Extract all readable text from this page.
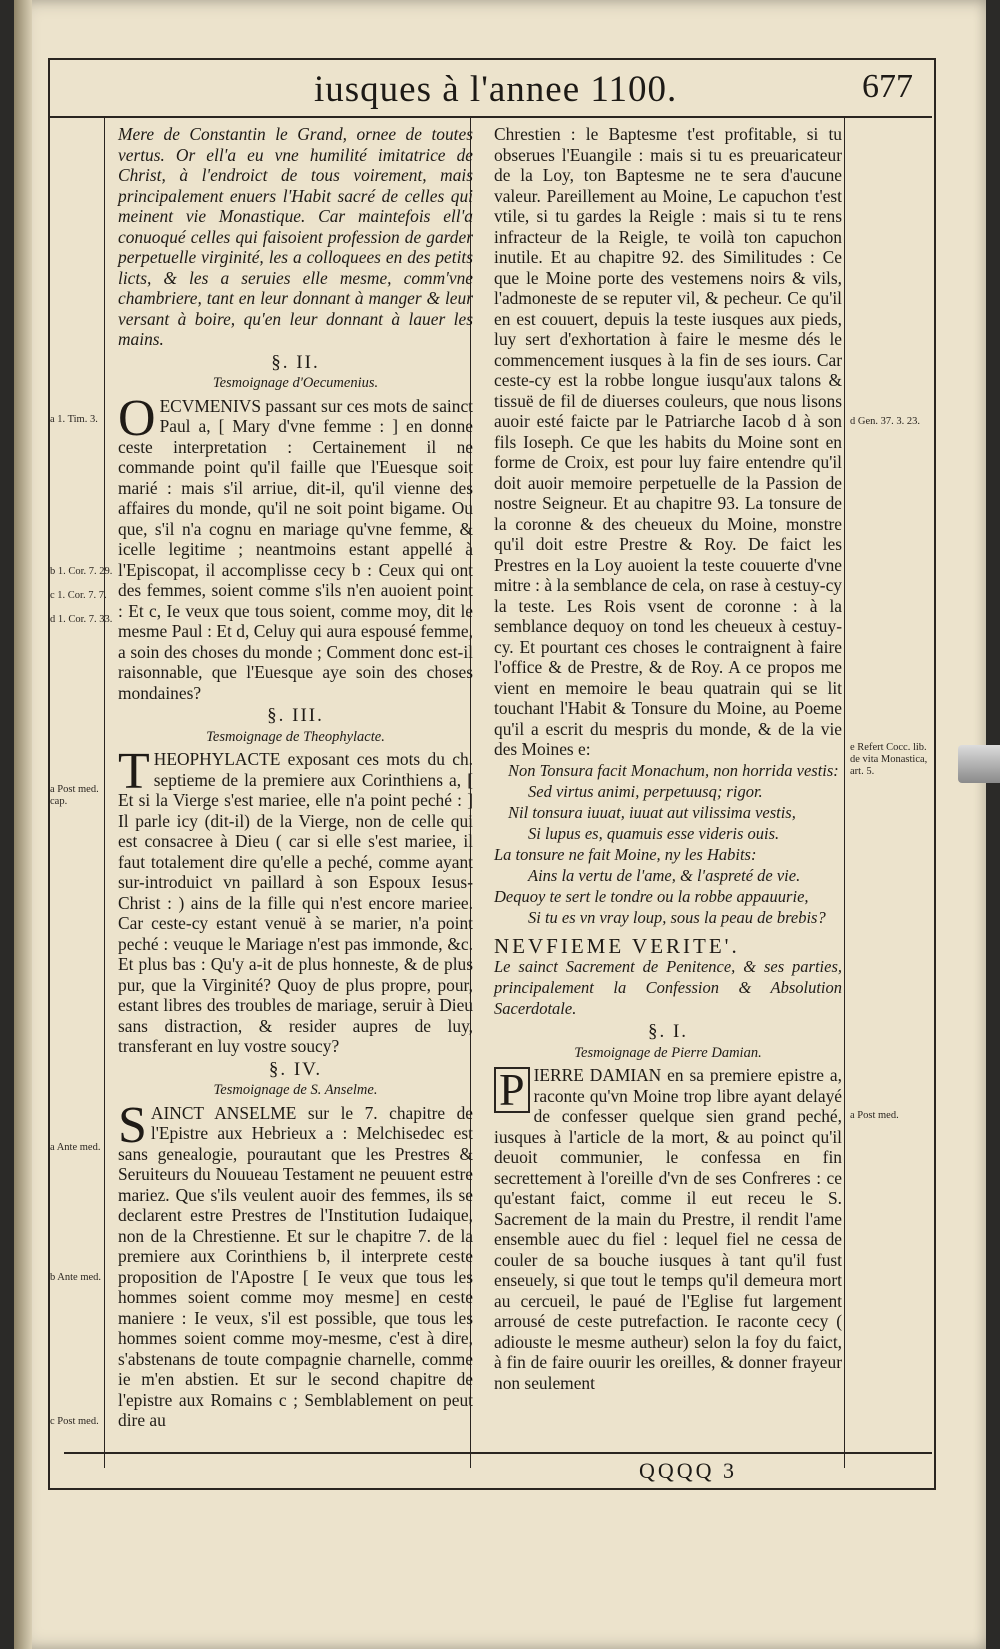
iusques à l'annee 1100.	677
a 1. Tim. 3.
b 1. Cor. 7. 29.
c 1. Cor. 7. 7.
d 1. Cor. 7. 33.
a Post med. cap.
a Ante med.
b Ante med.
c Post med.
d Gen. 37. 3. 23.
e Refert Cocc. lib. de vita Monastica, art. 5.
a Post med.

Mere de Constantin le Grand, ornee de toutes vertus. Or ell'a eu vne humilité imitatrice de Christ, à l'endroict de tous voirement, mais principalement enuers l'Habit sacré de celles qui meinent vie Monastique. Car maintefois ell'a conuoqué celles qui faisoient profession de garder perpetuelle virginité, les a colloquees en des petits licts, & les a seruies elle mesme, comm'vne chambriere, tant en leur donnant à manger & leur versant à boire, qu'en leur donnant à lauer les mains.

§. II.
Tesmoignage d'Oecumenius.

OECVMENIVS passant sur ces mots de sainct Paul a, [ Mary d'vne femme : ] en donne ceste interpretation : Certainement il ne commande point qu'il faille que l'Euesque soit marié : mais s'il arriue, dit-il, qu'il vienne des affaires du monde, qu'il ne soit point bigame. Ou que, s'il n'a cognu en mariage qu'vne femme, & icelle legitime ; neantmoins estant appellé à l'Episcopat, il accomplisse cecy b : Ceux qui ont des femmes, soient comme s'ils n'en auoient point : Et c, Ie veux que tous soient, comme moy, dit le mesme Paul : Et d, Celuy qui aura espousé femme, a soin des choses du monde ; Comment donc est-il raisonnable, que l'Euesque aye soin des choses mondaines?

§. III.
Tesmoignage de Theophylacte.

THEOPHYLACTE exposant ces mots du ch. septieme de la premiere aux Corinthiens a, [ Et si la Vierge s'est mariee, elle n'a point peché : ] Il parle icy (dit-il) de la Vierge, non de celle qui est consacree à Dieu ( car si elle s'est mariee, il faut totalement dire qu'elle a peché, comme ayant sur-introduict vn paillard à son Espoux Iesus-Christ : ) ains de la fille qui n'est encore mariee. Car ceste-cy estant venuë à se marier, n'a point peché : veuque le Mariage n'est pas immonde, &c. Et plus bas : Qu'y a-it de plus honneste, & de plus pur, que la Virginité? Quoy de plus propre, pour, estant libres des troubles de mariage, seruir à Dieu sans distraction, & resider aupres de luy, transferant en luy vostre soucy?

§. IV.
Tesmoignage de S. Anselme.

SAINCT ANSELME sur le 7. chapitre de l'Epistre aux Hebrieux a : Melchisedec est sans genealogie, pourautant que les Prestres & Seruiteurs du Nouueau Testament ne peuuent estre mariez. Que s'ils veulent auoir des femmes, ils se declarent estre Prestres de l'Institution Iudaique, non de la Chrestienne. Et sur le chapitre 7. de la premiere aux Corinthiens b, il interprete ceste proposition de l'Apostre [ Ie veux que tous les hommes soient comme moy mesme] en ceste maniere : Ie veux, s'il est possible, que tous les hommes soient comme moy-mesme, c'est à dire, s'abstenans de toute compagnie charnelle, comme ie m'en abstien. Et sur le second chapitre de l'epistre aux Romains c ; Semblablement on peut dire au

Chrestien : le Baptesme t'est profitable, si tu obserues l'Euangile : mais si tu es preuaricateur de la Loy, ton Baptesme ne te sera d'aucune valeur. Pareillement au Moine, Le capuchon t'est vtile, si tu gardes la Reigle : mais si tu te rens infracteur de la Reigle, te voilà ton capuchon inutile. Et au chapitre 92. des Similitudes : Ce que le Moine porte des vestemens noirs & vils, l'admoneste de se reputer vil, & pecheur. Ce qu'il en est couuert, depuis la teste iusques aux pieds, luy sert d'exhortation à faire le mesme dés le commencement iusques à la fin de ses iours. Car ceste-cy est la robbe longue iusqu'aux talons & tissuë de fil de diuerses couleurs, que nous lisons auoir esté faicte par le Patriarche Iacob d à son fils Ioseph. Ce que les habits du Moine sont en forme de Croix, est pour luy faire entendre qu'il doit auoir memoire perpetuelle de la Passion de nostre Seigneur. Et au chapitre 93. La tonsure de la coronne & des cheueux du Moine, monstre qu'il doit estre Prestre & Roy. De faict les Prestres en la Loy auoient la teste couuerte d'vne mitre : à la semblance de cela, on rase à cestuy-cy la teste. Les Rois vsent de coronne : à la semblance dequoy on tond les cheueux à cestuy-cy. Et pourtant ces choses le contraignent à faire l'office & de Prestre, & de Roy. A ce propos me vient en memoire le beau quatrain qui se lit touchant l'Habit & Tonsure du Moine, au Poeme qu'il a escrit du mespris du monde, & de la vie des Moines e:

Non Tonsura facit Monachum, non horrida vestis:
Sed virtus animi, perpetuusq; rigor.
Nil tonsura iuuat, iuuat aut vilissima vestis,
Si lupus es, quamuis esse videris ouis.
La tonsure ne fait Moine, ny les Habits:
Ains la vertu de l'ame, & l'aspreté de vie.
Dequoy te sert le tondre ou la robbe appauurie,
Si tu es vn vray loup, sous la peau de brebis?
NEVFIEME VERITE'.
Le sainct Sacrement de Penitence, & ses parties, principalement la Confession & Absolution Sacerdotale.
§. I.
Tesmoignage de Pierre Damian.

P IERRE DAMIAN en sa premiere epistre a, raconte qu'vn Moine trop libre ayant delayé de confesser quelque sien grand peché, iusques à l'article de la mort, & au poinct qu'il deuoit communier, le confessa en fin secrettement à l'oreille d'vn de ses Confreres : ce qu'estant faict, comme il eut receu le S. Sacrement de la main du Prestre, il rendit l'ame ensemble auec du fiel : lequel fiel ne cessa de couler de sa bouche iusques à tant qu'il fust enseuely, si que tout le temps qu'il demeura mort au cercueil, le paué de l'Eglise fut largement arrousé de ceste putrefaction. Ie raconte cecy ( adiouste le mesme autheur) selon la foy du faict, à fin de faire ouurir les oreilles, & donner frayeur non seulement

QQQQ 3
